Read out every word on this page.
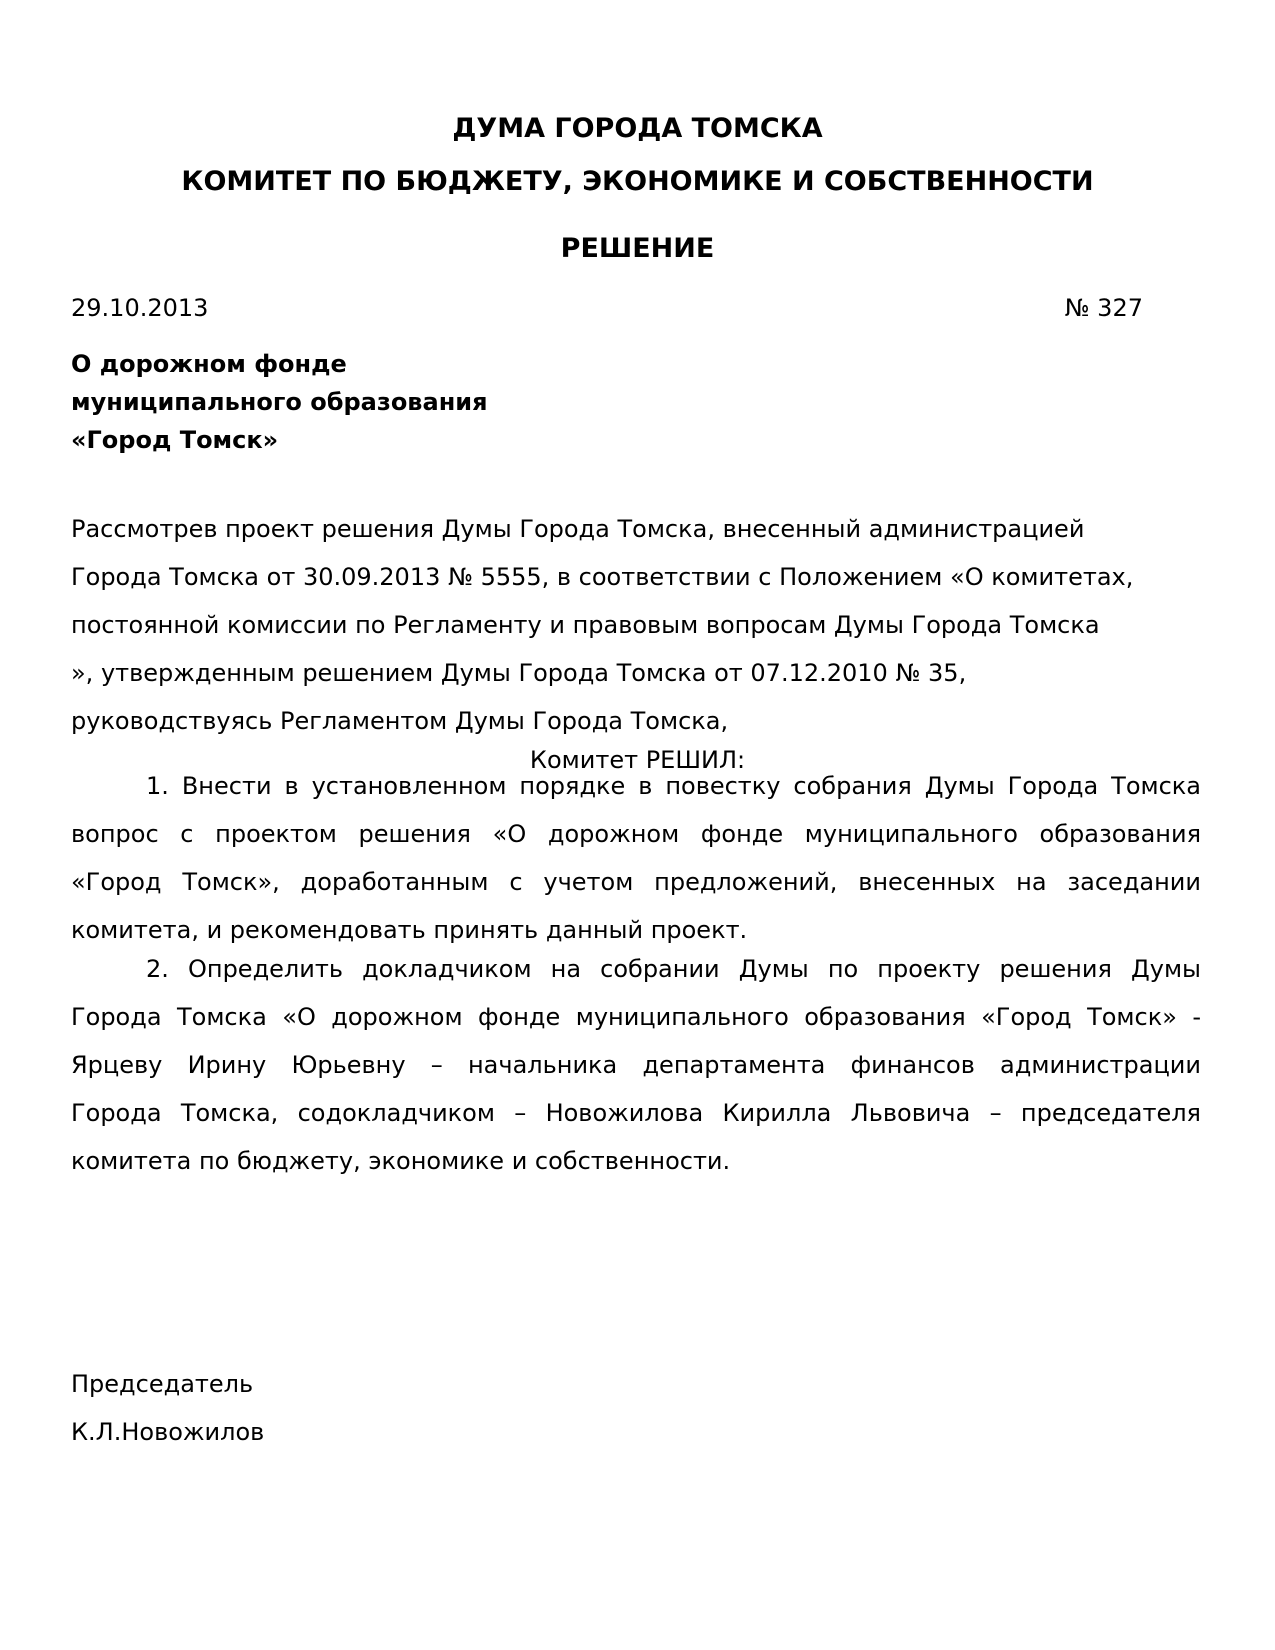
ДУМА ГОРОДА ТОМСКА
КОМИТЕТ ПО БЮДЖЕТУ, ЭКОНОМИКЕ И СОБСТВЕННОСТИ
РЕШЕНИЕ
29.10.2013	№ 327
О дорожном фонде
муниципального образования
«Город Томск»
Рассмотрев проект решения Думы Города Томска, внесенный администрацией
Города Томска от 30.09.2013 № 5555, в соответствии с Положением «О комитетах,
постоянной комиссии по Регламенту и правовым вопросам Думы Города Томска
», утвержденным решением Думы Города Томска от 07.12.2010 № 35,
руководствуясь Регламентом Думы Города Томска,
Комитет РЕШИЛ:
1. Внести в установленном порядке в повестку собрания Думы Города Томска
вопрос с проектом решения «О дорожном фонде муниципального образования
«Город Томск», доработанным с учетом предложений, внесенных на заседании
комитета, и рекомендовать принять данный проект.
2. Определить докладчиком на собрании Думы по проекту решения Думы
Города Томска «О дорожном фонде муниципального образования «Город Томск» -
Ярцеву Ирину Юрьевну – начальника департамента финансов администрации
Города Томска, содокладчиком – Новожилова Кирилла Львовича – председателя
комитета по бюджету, экономике и собственности.
Председатель
К.Л.Новожилов
